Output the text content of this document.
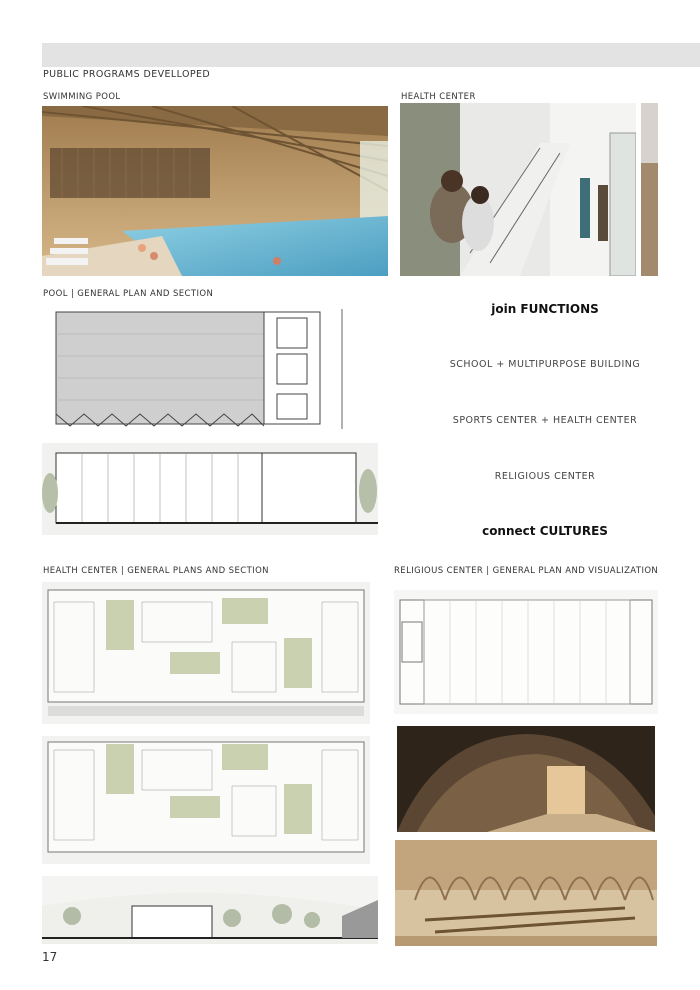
PUBLIC PROGRAMS DEVELLOPED
SWIMMING POOL	HEALTH CENTER
POOL | GENERAL PLAN AND SECTION
join FUNCTIONS
SCHOOL + MULTIPURPOSE BUILDING
SPORTS CENTER + HEALTH CENTER
RELIGIOUS CENTER
connect CULTURES
HEALTH CENTER | GENERAL PLANS AND SECTION	RELIGIOUS CENTER | GENERAL PLAN AND VISUALIZATION
17
